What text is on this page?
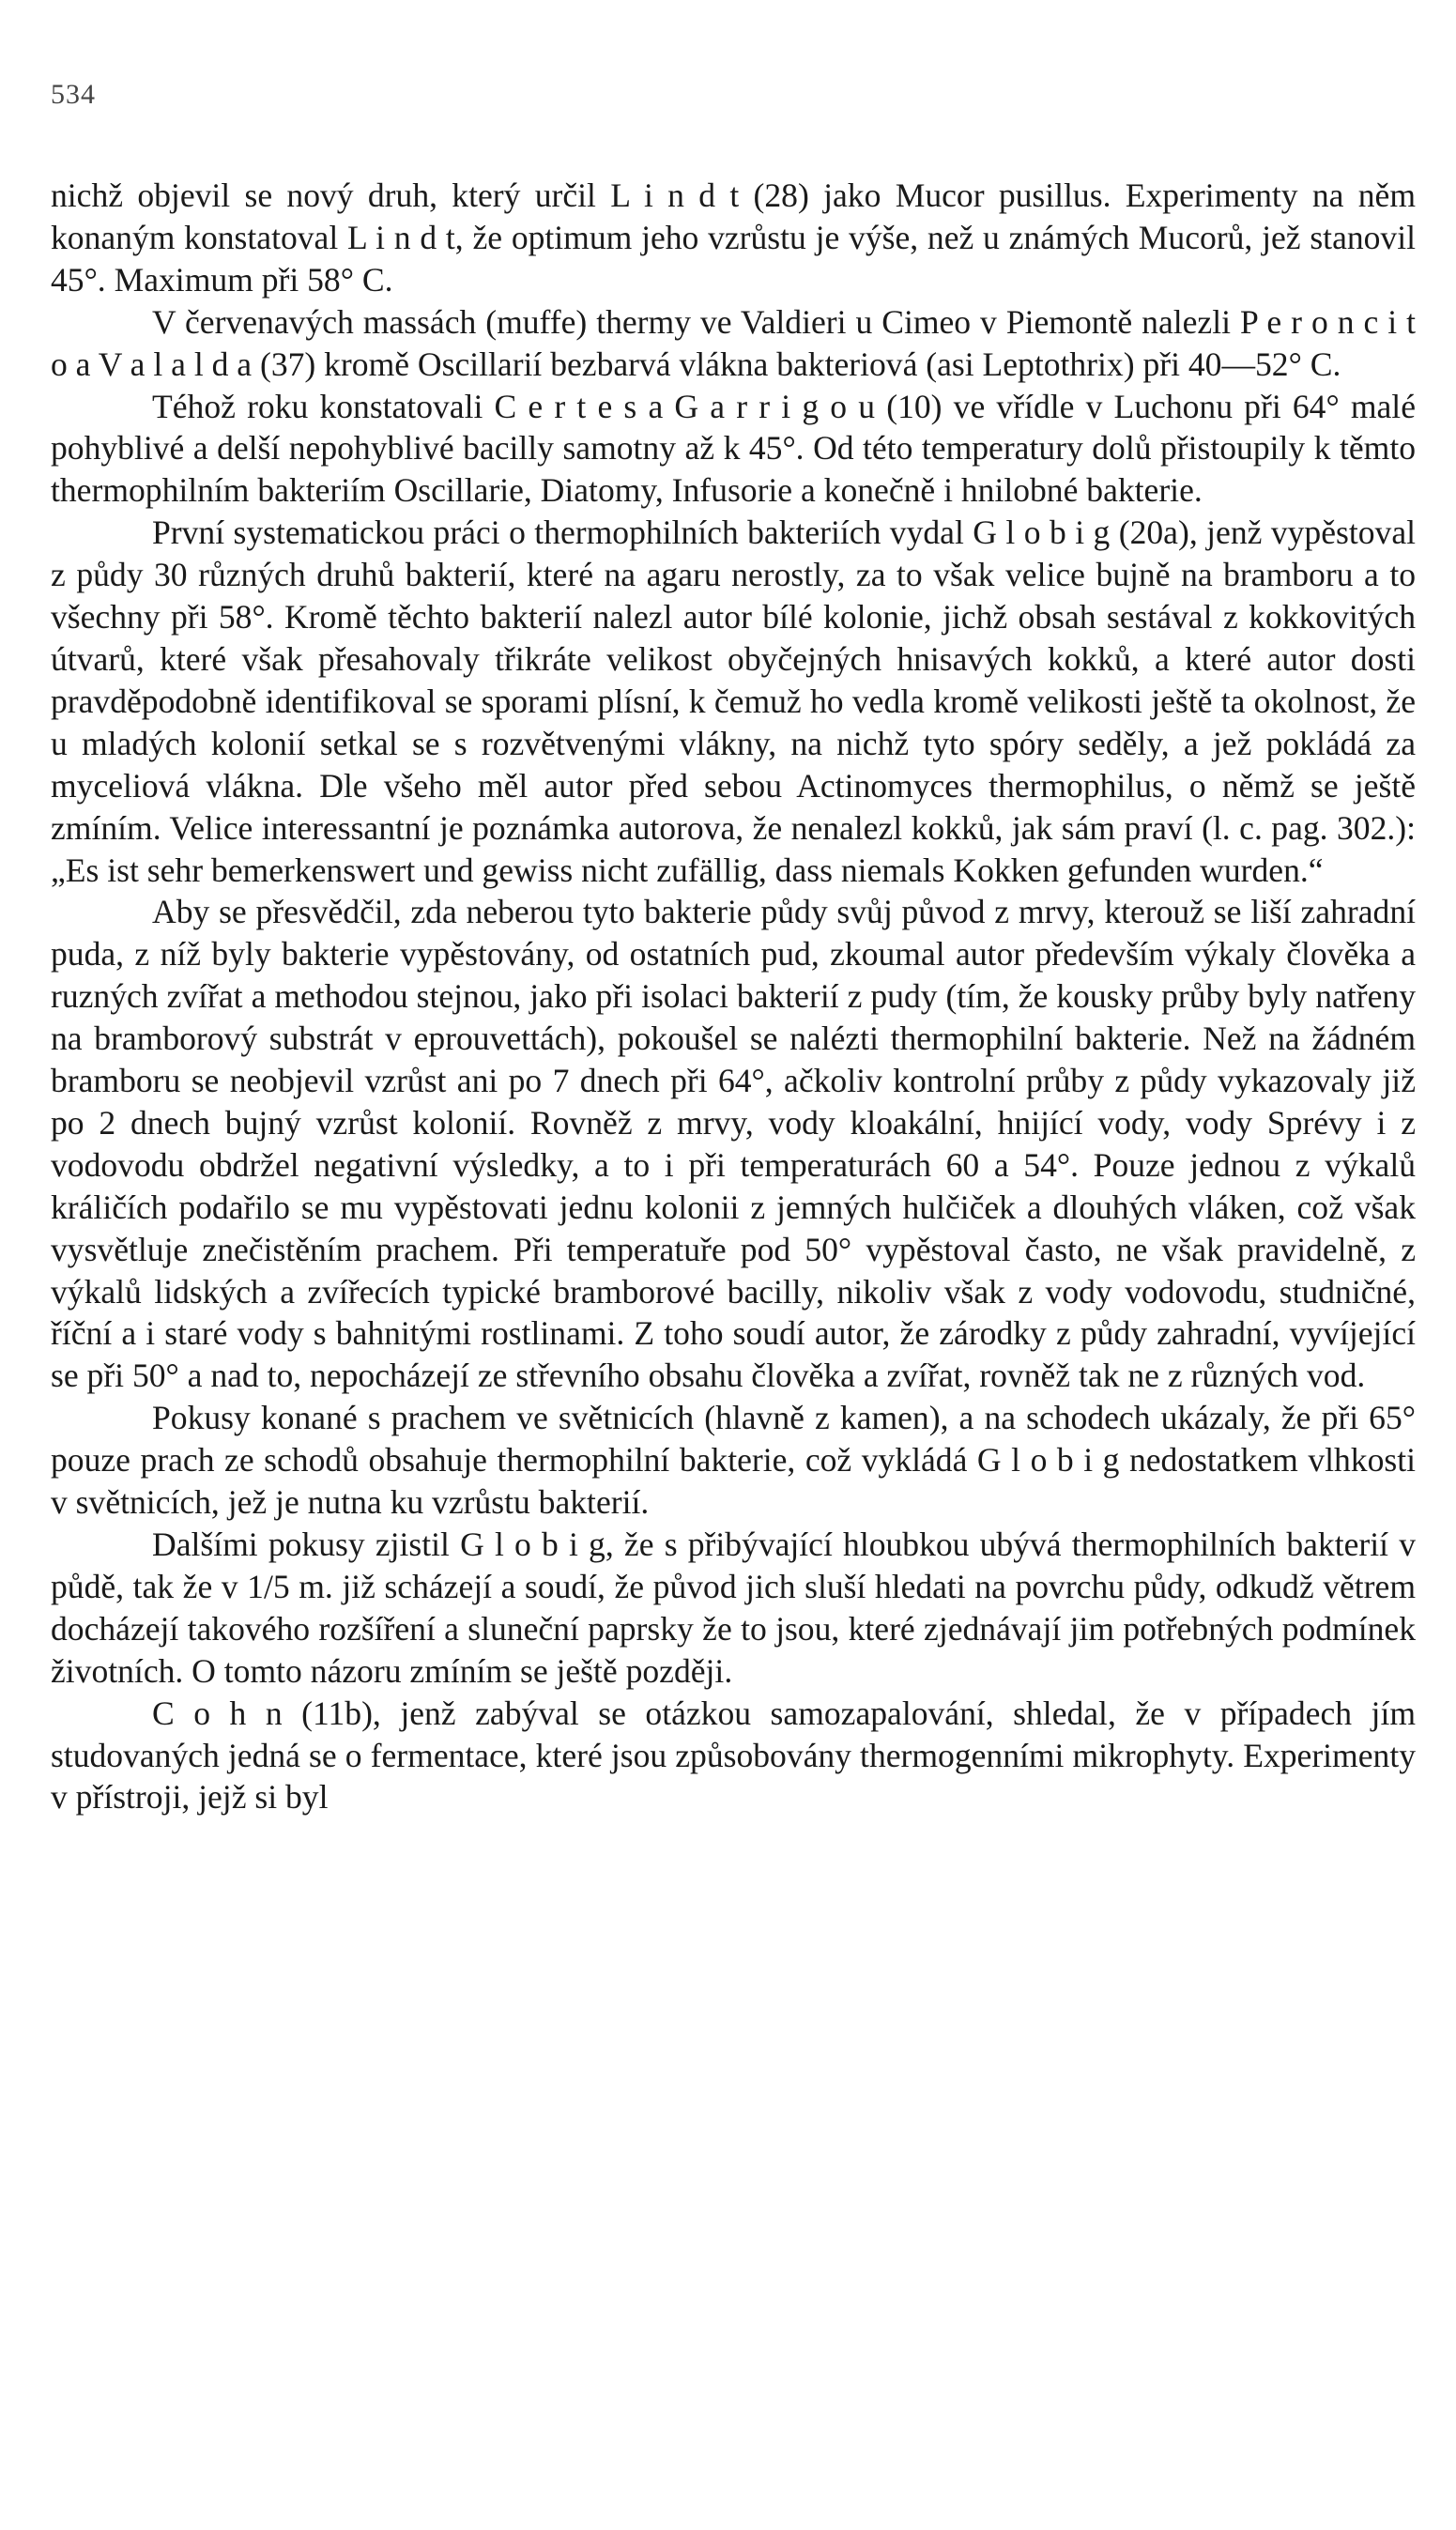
534

nichž objevil se nový druh, který určil L i n d t (28) jako Mucor pusillus. Experimenty na něm konaným konstatoval L i n d t, že optimum jeho vzrůstu je výše, než u známých Mucorů, jež stanovil 45°. Maximum při 58° C.

V červenavých massách (muffe) thermy ve Valdieri u Cimeo v Piemontě nalezli P e r o n c i t o a V a l a l d a (37) kromě Oscillarií bezbarvá vlákna bakteriová (asi Leptothrix) při 40—52° C.

Téhož roku konstatovali C e r t e s a G a r r i g o u (10) ve vřídle v Luchonu při 64° malé pohyblivé a delší nepohyblivé bacilly samotny až k 45°. Od této temperatury dolů přistoupily k těmto thermophilním bakteriím Oscillarie, Diatomy, Infusorie a konečně i hnilobné bakterie.

První systematickou práci o thermophilních bakteriích vydal G l o b i g (20a), jenž vypěstoval z půdy 30 různých druhů bakterií, které na agaru nerostly, za to však velice bujně na bramboru a to všechny při 58°. Kromě těchto bakterií nalezl autor bílé kolonie, jichž obsah sestával z kokkovitých útvarů, které však přesahovaly třikráte velikost obyčejných hnisavých kokků, a které autor dosti pravděpodobně identifikoval se sporami plísní, k čemuž ho vedla kromě velikosti ještě ta okolnost, že u mladých kolonií setkal se s rozvětvenými vlákny, na nichž tyto spóry seděly, a jež pokládá za myceliová vlákna. Dle všeho měl autor před sebou Actinomyces thermophilus, o němž se ještě zmíním. Velice interessantní je poznámka autorova, že nenalezl kokků, jak sám praví (l. c. pag. 302.): „Es ist sehr bemerkenswert und gewiss nicht zufällig, dass niemals Kokken gefunden wurden.“

Aby se přesvědčil, zda neberou tyto bakterie půdy svůj původ z mrvy, kterouž se liší zahradní puda, z níž byly bakterie vypěstovány, od ostatních pud, zkoumal autor především výkaly člověka a ruzných zvířat a methodou stejnou, jako při isolaci bakterií z pudy (tím, že kousky průby byly natřeny na bramborový substrát v eprouvettách), pokoušel se nalézti thermophilní bakterie. Než na žádném bramboru se neobjevil vzrůst ani po 7 dnech při 64°, ačkoliv kontrolní průby z půdy vykazovaly již po 2 dnech bujný vzrůst kolonií. Rovněž z mrvy, vody kloakální, hnijící vody, vody Sprévy i z vodovodu obdržel negativní výsledky, a to i při temperaturách 60 a 54°. Pouze jednou z výkalů králičích podařilo se mu vypěstovati jednu kolonii z jemných hulčiček a dlouhých vláken, což však vysvětluje znečistěním prachem. Při temperatuře pod 50° vypěstoval často, ne však pravidelně, z výkalů lidských a zvířecích typické bramborové bacilly, nikoliv však z vody vodovodu, studničné, říční a i staré vody s bahnitými rostlinami. Z toho soudí autor, že zárodky z půdy zahradní, vyvíjející se při 50° a nad to, nepocházejí ze střevního obsahu člověka a zvířat, rovněž tak ne z různých vod.

Pokusy konané s prachem ve světnicích (hlavně z kamen), a na schodech ukázaly, že při 65° pouze prach ze schodů obsahuje thermophilní bakterie, což vykládá G l o b i g nedostatkem vlhkosti v světnicích, jež je nutna ku vzrůstu bakterií.

Dalšími pokusy zjistil G l o b i g, že s přibývající hloubkou ubývá thermophilních bakterií v půdě, tak že v 1/5 m. již scházejí a soudí, že původ jich sluší hledati na povrchu půdy, odkudž větrem docházejí takového rozšíření a sluneční paprsky že to jsou, které zjednávají jim potřebných podmínek životních. O tomto názoru zmíním se ještě později.

C o h n (11b), jenž zabýval se otázkou samozapalování, shledal, že v případech jím studovaných jedná se o fermentace, které jsou způsobovány thermogenními mikrophyty. Experimenty v přístroji, jejž si byl
